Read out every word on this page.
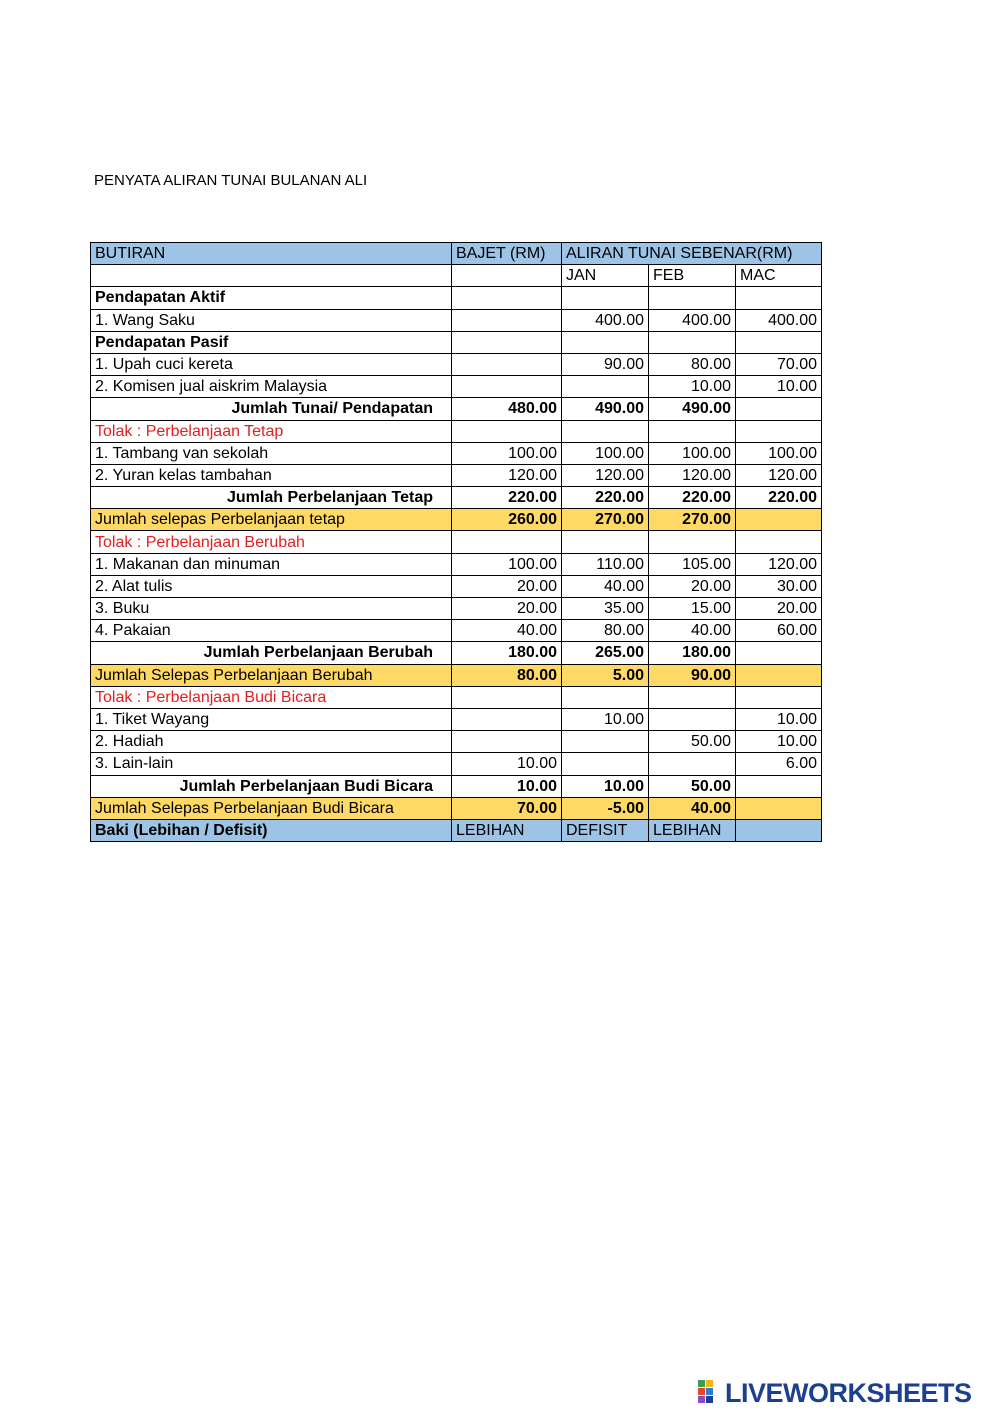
PENYATA ALIRAN TUNAI BULANAN ALI
BUTIRAN	BAJET (RM)	ALIRAN TUNAI SEBENAR(RM)		
		JAN	FEB	MAC
Pendapatan Aktif				
1. Wang Saku		400.00	400.00	400.00
Pendapatan Pasif				
1. Upah cuci kereta		90.00	80.00	70.00
2. Komisen jual aiskrim Malaysia			10.00	10.00
Jumlah Tunai/ Pendapatan	480.00	490.00	490.00	
Tolak : Perbelanjaan Tetap				
1. Tambang van sekolah	100.00	100.00	100.00	100.00
2. Yuran kelas tambahan	120.00	120.00	120.00	120.00
Jumlah Perbelanjaan Tetap	220.00	220.00	220.00	220.00
Jumlah selepas Perbelanjaan tetap	260.00	270.00	270.00	
Tolak : Perbelanjaan Berubah				
1. Makanan dan minuman	100.00	110.00	105.00	120.00
2. Alat tulis	20.00	40.00	20.00	30.00
3. Buku	20.00	35.00	15.00	20.00
4. Pakaian	40.00	80.00	40.00	60.00
Jumlah Perbelanjaan Berubah	180.00	265.00	180.00	
Jumlah Selepas Perbelanjaan Berubah	80.00	5.00	90.00	
Tolak : Perbelanjaan Budi Bicara				
1. Tiket Wayang		10.00		10.00
2. Hadiah			50.00	10.00
3. Lain-lain	10.00			6.00
Jumlah Perbelanjaan Budi Bicara	10.00	10.00	50.00	
Jumlah Selepas Perbelanjaan Budi Bicara	70.00	-5.00	40.00	
Baki (Lebihan / Defisit)	LEBIHAN	DEFISIT	LEBIHAN	
LIVEWORKSHEETS
